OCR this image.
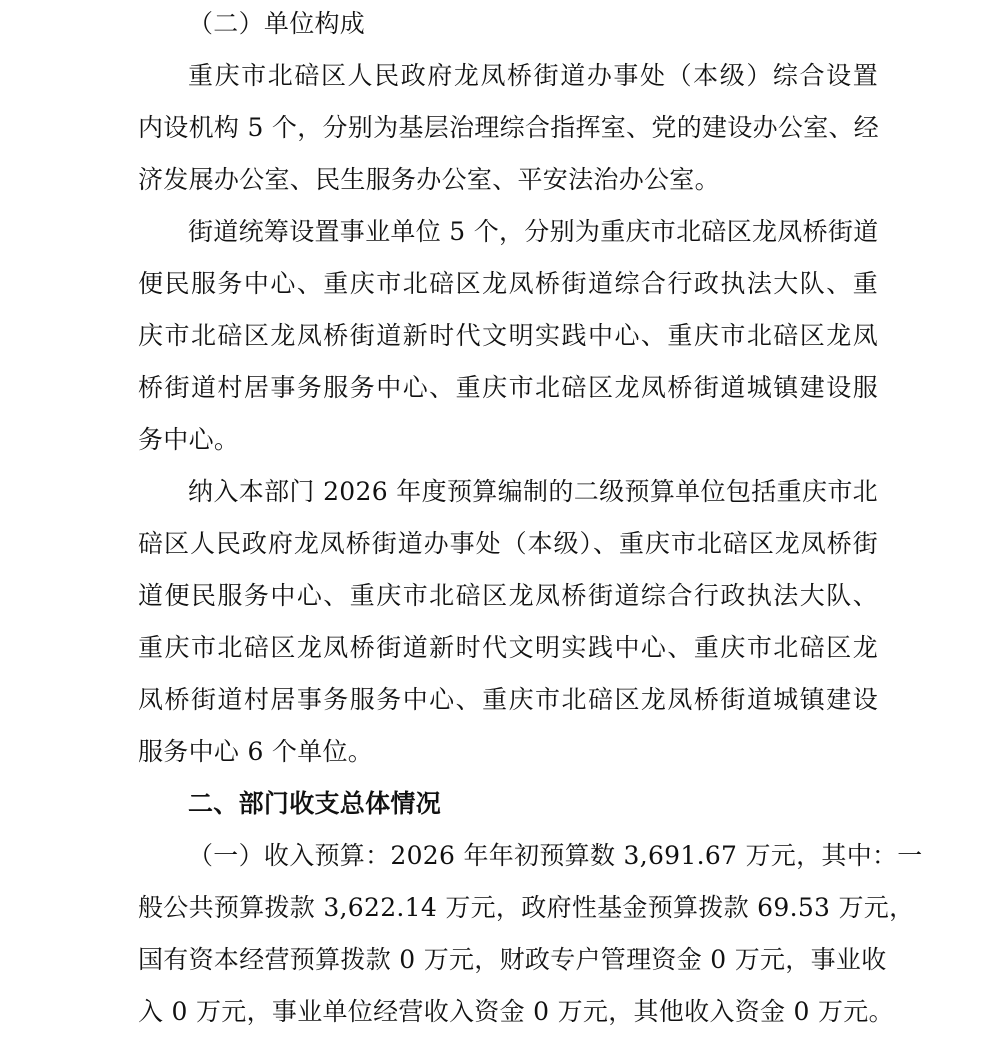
（二）单位构成
重庆市北碚区人民政府龙凤桥街道办事处（本级）综合设置
内设机构 5 个，分别为基层治理综合指挥室、党的建设办公室、经
济发展办公室、民生服务办公室、平安法治办公室。
街道统筹设置事业单位 5 个，分别为重庆市北碚区龙凤桥街道
便民服务中心、重庆市北碚区龙凤桥街道综合行政执法大队、重
庆市北碚区龙凤桥街道新时代文明实践中心、重庆市北碚区龙凤
桥街道村居事务服务中心、重庆市北碚区龙凤桥街道城镇建设服
务中心。
纳入本部门 2026 年度预算编制的二级预算单位包括重庆市北
碚区人民政府龙凤桥街道办事处（本级）、重庆市北碚区龙凤桥街
道便民服务中心、重庆市北碚区龙凤桥街道综合行政执法大队、
重庆市北碚区龙凤桥街道新时代文明实践中心、重庆市北碚区龙
凤桥街道村居事务服务中心、重庆市北碚区龙凤桥街道城镇建设
服务中心 6 个单位。
二、部门收支总体情况
（一）收入预算：2026 年年初预算数 3,691.67 万元，其中：一
般公共预算拨款 3,622.14 万元，政府性基金预算拨款 69.53 万元，
国有资本经营预算拨款 0 万元，财政专户管理资金 0 万元，事业收
入 0 万元，事业单位经营收入资金 0 万元，其他收入资金 0 万元。
